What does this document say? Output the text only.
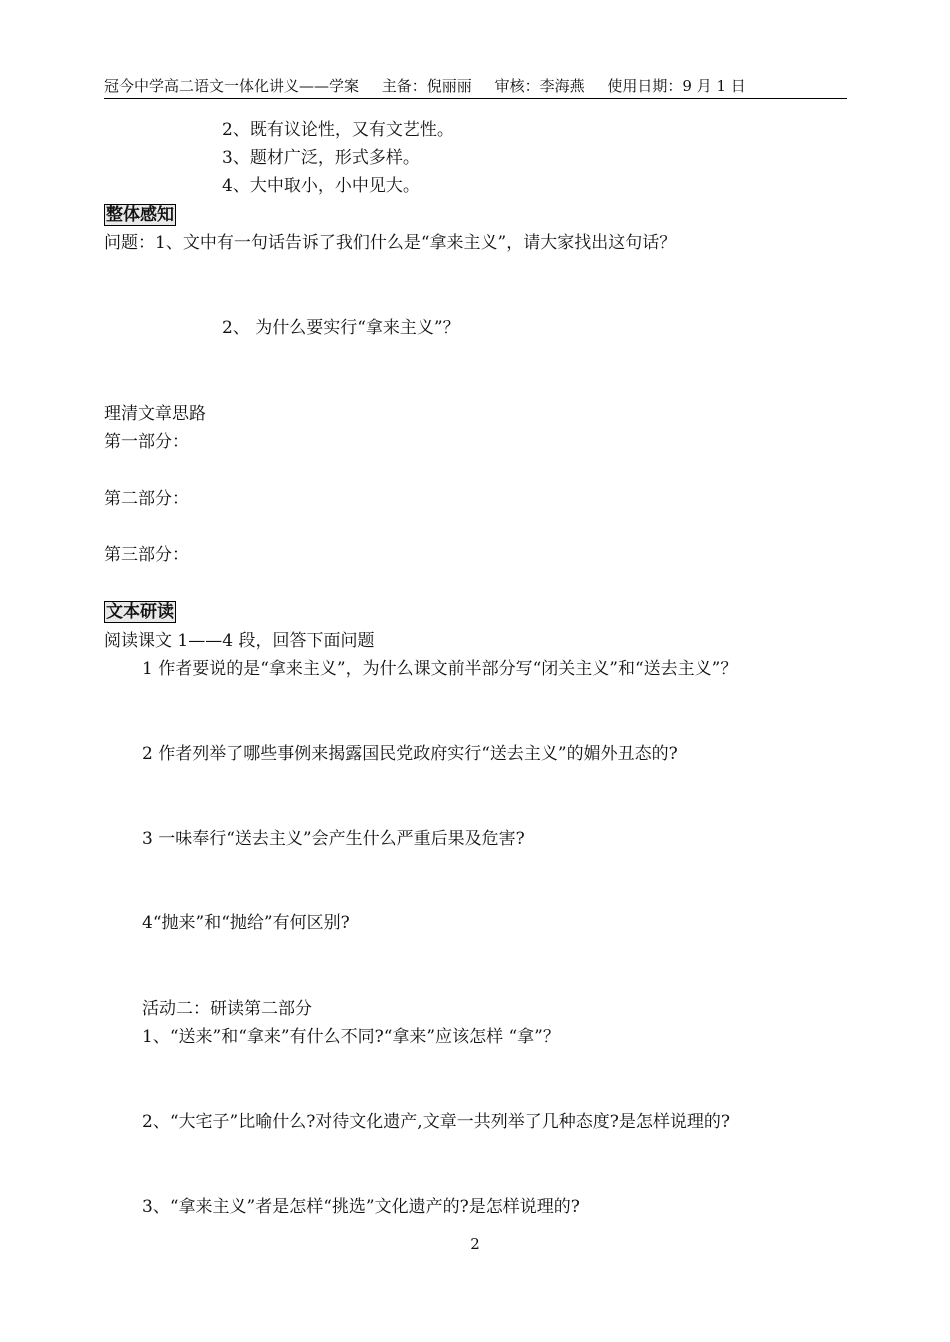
冠今中学高二语文一体化讲义——学案 主备：倪丽丽 审核：李海燕 使用日期：9 月 1 日
2、既有议论性，又有文艺性。
3、题材广泛，形式多样。
4、大中取小，小中见大。
整体感知
问题：1、文中有一句话告诉了我们什么是“拿来主义”，请大家找出这句话？
2、 为什么要实行“拿来主义”？
理清文章思路
第一部分：
第二部分：
第三部分：
文本研读
阅读课文 1——4 段，回答下面问题
1 作者要说的是“拿来主义”，为什么课文前半部分写“闭关主义”和“送去主义”？
2 作者列举了哪些事例来揭露国民党政府实行“送去主义”的媚外丑态的?
3 一味奉行“送去主义”会产生什么严重后果及危害?
4“抛来”和“抛给”有何区别?
活动二：研读第二部分
1、“送来”和“拿来”有什么不同?“拿来”应该怎样 “拿”？
2、“大宅子”比喻什么?对待文化遗产,文章一共列举了几种态度?是怎样说理的?
3、“拿来主义”者是怎样“挑选”文化遗产的?是怎样说理的?
2
